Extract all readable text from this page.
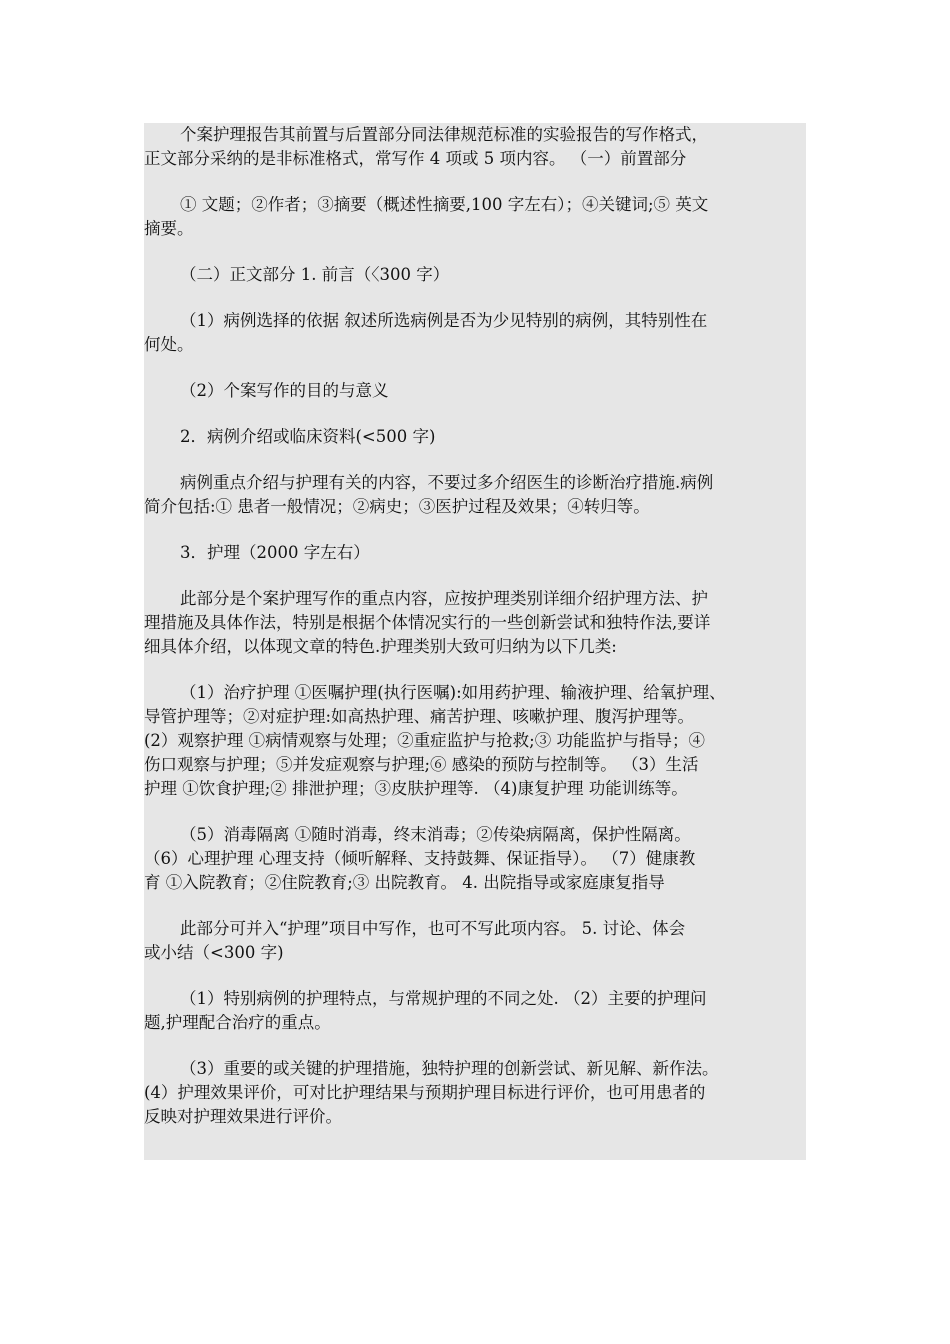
个案护理报告其前置与后置部分同法律规范标准的实验报告的写作格式，
正文部分采纳的是非标准格式，常写作 4 项或 5 项内容。 （一）前置部分
① 文题；②作者；③摘要（概述性摘要,100 字左右）；④关键词;⑤ 英文
摘要。
（二）正文部分 1. 前言（〈300 字）
（1）病例选择的依据 叙述所选病例是否为少见特别的病例，其特别性在
何处。
（2）个案写作的目的与意义
2．病例介绍或临床资料(<500 字)
病例重点介绍与护理有关的内容，不要过多介绍医生的诊断治疗措施.病例
简介包括:① 患者一般情况；②病史；③医护过程及效果；④转归等。
3．护理（2000 字左右）
此部分是个案护理写作的重点内容，应按护理类别详细介绍护理方法、护
理措施及具体作法，特别是根据个体情况实行的一些创新尝试和独特作法,要详
细具体介绍，以体现文章的特色.护理类别大致可归纳为以下几类:
（1）治疗护理 ①医嘱护理(执行医嘱):如用药护理、输液护理、给氧护理、
导管护理等；②对症护理:如高热护理、痛苦护理、咳嗽护理、腹泻护理等。
(2）观察护理 ①病情观察与处理；②重症监护与抢救;③ 功能监护与指导；④
伤口观察与护理；⑤并发症观察与护理;⑥ 感染的预防与控制等。 （3）生活
护理 ①饮食护理;② 排泄护理；③皮肤护理等. （4)康复护理 功能训练等。
（5）消毒隔离 ①随时消毒，终末消毒；②传染病隔离，保护性隔离。
（6）心理护理 心理支持（倾听解释、支持鼓舞、保证指导）。 （7）健康教
育 ①入院教育；②住院教育;③ 出院教育。 4. 出院指导或家庭康复指导
此部分可并入“护理”项目中写作，也可不写此项内容。 5. 讨论、体会
或小结（<300 字)
（1）特别病例的护理特点，与常规护理的不同之处. （2）主要的护理问
题,护理配合治疗的重点。
（3）重要的或关键的护理措施，独特护理的创新尝试、新见解、新作法。
(4）护理效果评价，可对比护理结果与预期护理目标进行评价，也可用患者的
反映对护理效果进行评价。
